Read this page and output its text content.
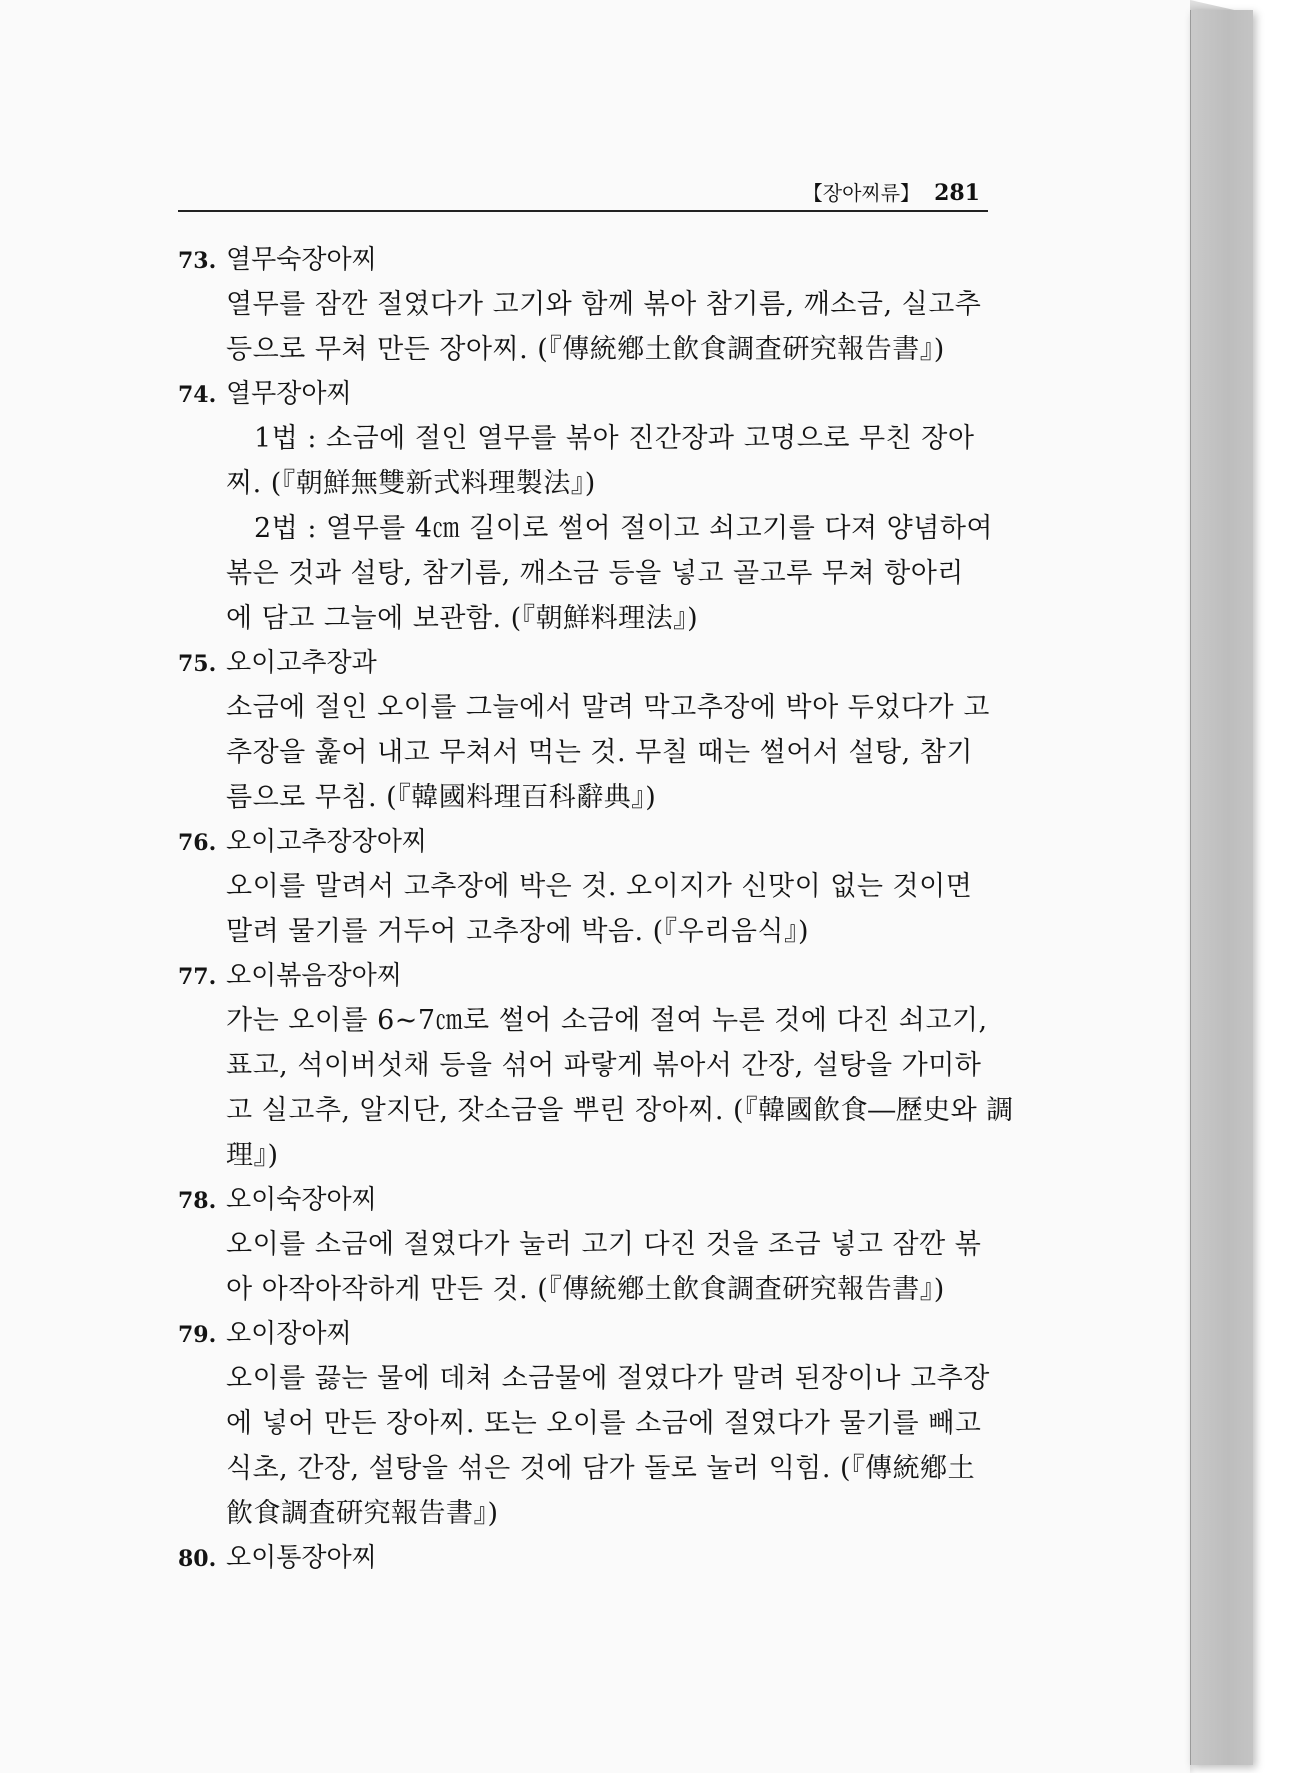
【장아찌류】 281
73. 열무숙장아찌
열무를 잠깐 절였다가 고기와 함께 볶아 참기름, 깨소금, 실고추
등으로 무쳐 만든 장아찌. (『傳統鄕土飮食調査硏究報告書』)
74. 열무장아찌
1법 : 소금에 절인 열무를 볶아 진간장과 고명으로 무친 장아
찌. (『朝鮮無雙新式料理製法』)
2법 : 열무를 4㎝ 길이로 썰어 절이고 쇠고기를 다져 양념하여
볶은 것과 설탕, 참기름, 깨소금 등을 넣고 골고루 무쳐 항아리
에 담고 그늘에 보관함. (『朝鮮料理法』)
75. 오이고추장과
소금에 절인 오이를 그늘에서 말려 막고추장에 박아 두었다가 고
추장을 훑어 내고 무쳐서 먹는 것. 무칠 때는 썰어서 설탕, 참기
름으로 무침. (『韓國料理百科辭典』)
76. 오이고추장장아찌
오이를 말려서 고추장에 박은 것. 오이지가 신맛이 없는 것이면
말려 물기를 거두어 고추장에 박음. (『우리음식』)
77. 오이볶음장아찌
가는 오이를 6~7㎝로 썰어 소금에 절여 누른 것에 다진 쇠고기,
표고, 석이버섯채 등을 섞어 파랗게 볶아서 간장, 설탕을 가미하
고 실고추, 알지단, 잣소금을 뿌린 장아찌. (『韓國飮食―歷史와 調
理』)
78. 오이숙장아찌
오이를 소금에 절였다가 눌러 고기 다진 것을 조금 넣고 잠깐 볶
아 아작아작하게 만든 것. (『傳統鄕土飮食調査硏究報告書』)
79. 오이장아찌
오이를 끓는 물에 데쳐 소금물에 절였다가 말려 된장이나 고추장
에 넣어 만든 장아찌. 또는 오이를 소금에 절였다가 물기를 빼고
식초, 간장, 설탕을 섞은 것에 담가 돌로 눌러 익힘. (『傳統鄕土
飮食調査硏究報告書』)
80. 오이통장아찌
